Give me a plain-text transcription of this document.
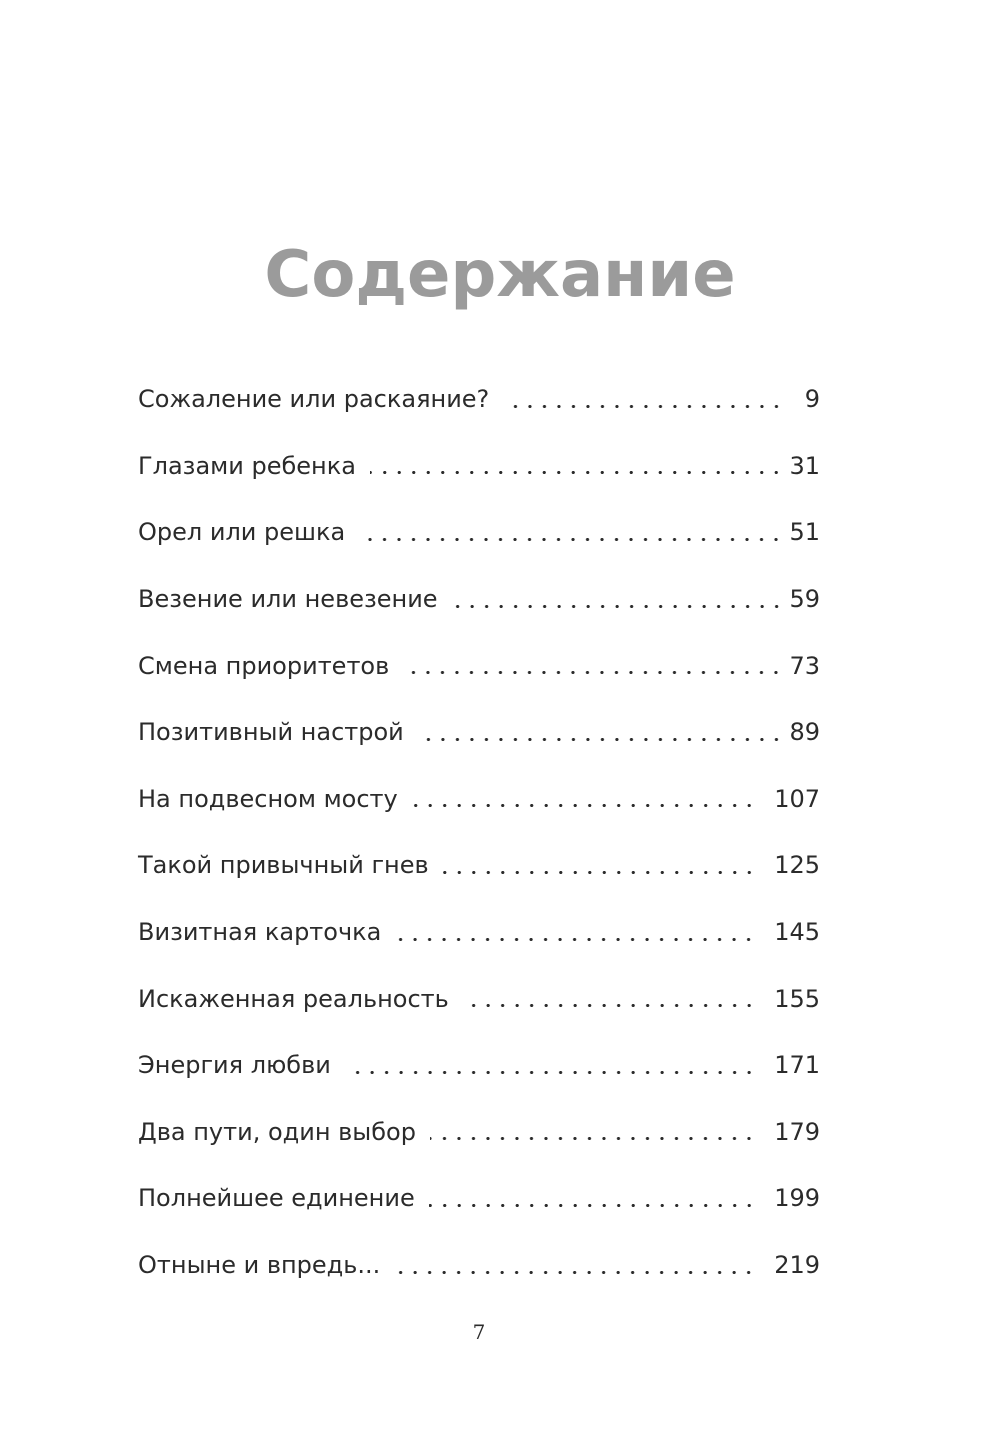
Содержание
Сожаление или раскаяние?	9
Глазами ребенка	31
Орел или решка	51
Везение или невезение	59
Смена приоритетов	73
Позитивный настрой	89
На подвесном мосту	107
Такой привычный гнев	125
Визитная карточка	145
Искаженная реальность	155
Энергия любви	171
Два пути, один выбор	179
Полнейшее единение	199
Отныне и впредь...	219
7
